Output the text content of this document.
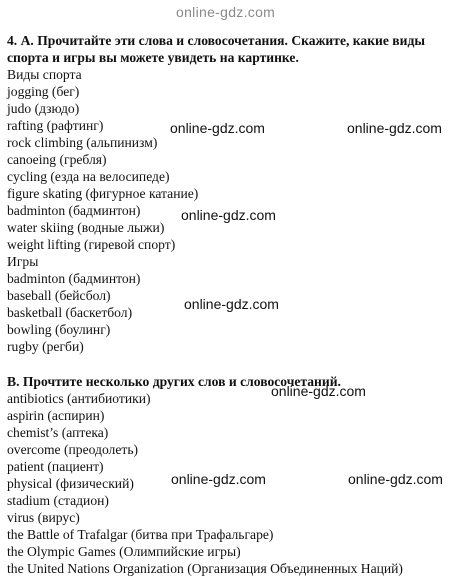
online-gdz.com
4. А. Прочитайте эти слова и словосочетания. Скажите, какие виды
спорта и игры вы можете увидеть на картинке.
Виды спорта
jogging (бег)
judo (дзюдо)
rafting (рафтинг)
rock climbing (альпинизм)
canoeing (гребля)
cycling (езда на велосипеде)
figure skating (фигурное катание)
badminton (бадминтон)
water skiing (водные лыжи)
weight lifting (гиревой спорт)
Игры
badminton (бадминтон)
baseball (бейсбол)
basketball (баскетбол)
bowling (боулинг)
rugby (регби)
B. Прочтите несколько других слов и словосочетаний.
antibiotics (антибиотики)
aspirin (аспирин)
chemist’s (аптека)
overcome (преодолеть)
patient (пациент)
physical (физический)
stadium (стадион)
virus (вирус)
the Battle of Trafalgar (битва при Трафальгаре)
the Olympic Games (Олимпийские игры)
the United Nations Organization (Организация Объединенных Наций)
online-gdz.com	online-gdz.com
online-gdz.com
online-gdz.com
online-gdz.com
online-gdz.com	online-gdz.com
